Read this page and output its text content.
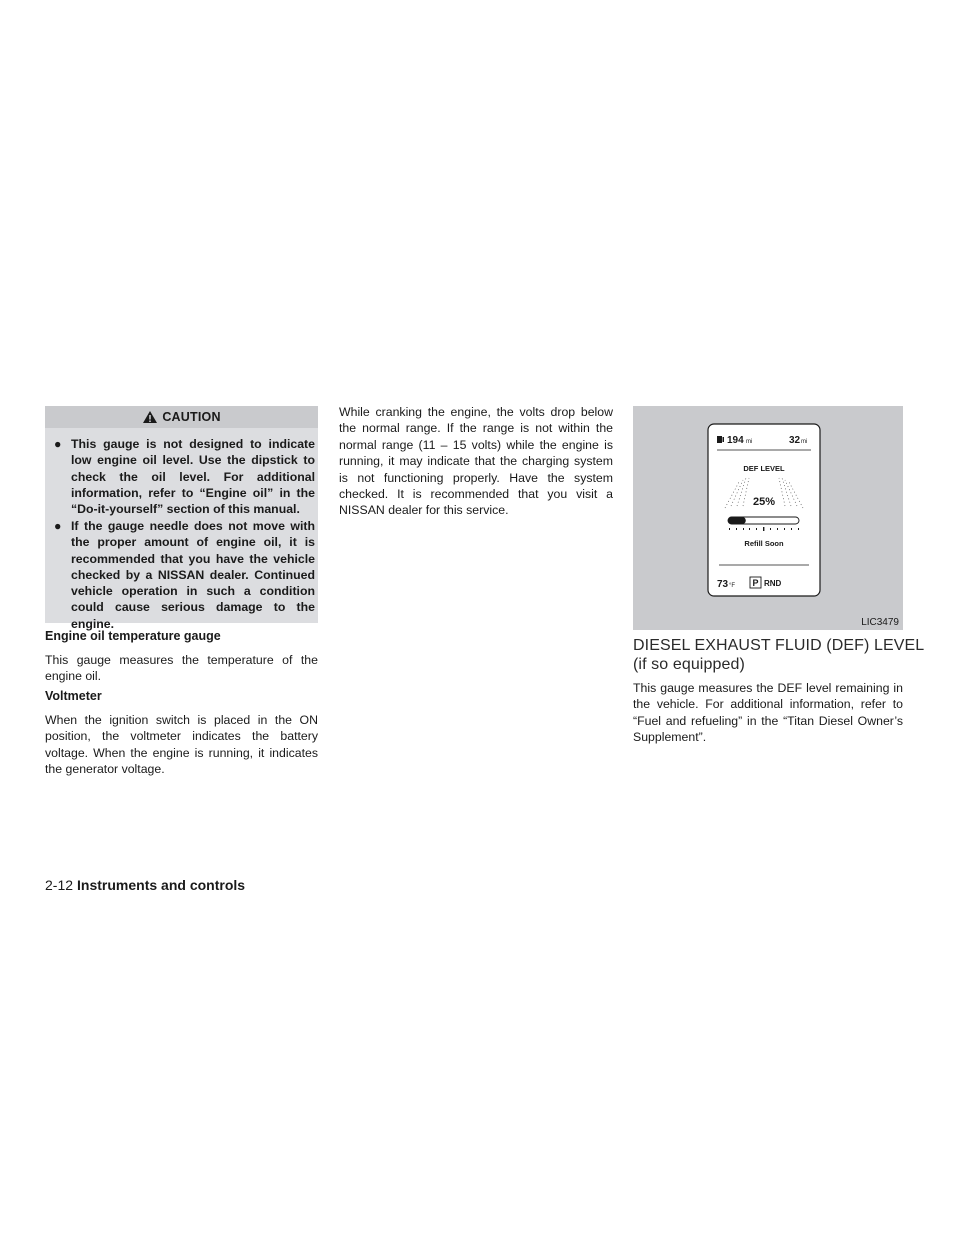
CAUTION
● This gauge is not designed to indicate low engine oil level. Use the dipstick to check the oil level. For additional information, refer to “Engine oil” in the “Do-it-yourself” section of this manual.

● If the gauge needle does not move with the proper amount of engine oil, it is recommended that you have the vehicle checked by a NISSAN dealer. Continued vehicle operation in such a condition could cause serious damage to the engine.

Engine oil temperature gauge

This gauge measures the temperature of the engine oil.

Voltmeter

When the ignition switch is placed in the ON position, the voltmeter indicates the battery voltage. When the engine is running, it indicates the generator voltage.

While cranking the engine, the volts drop below the normal range. If the range is not within the normal range (11 – 15 volts) while the engine is running, it may indicate that the charging system is not functioning properly. Have the system checked. It is recommended that you visit a NISSAN dealer for this service.

194 mi	32 mi
DEF LEVEL
25%
Refill Soon
73 °F P RND
LIC3479
DIESEL EXHAUST FLUID (DEF) LEVEL (if so equipped)

This gauge measures the DEF level remaining in the vehicle. For additional information, refer to “Fuel and refueling” in the “Titan Diesel Owner’s Supplement”.

2-12 Instruments and controls
